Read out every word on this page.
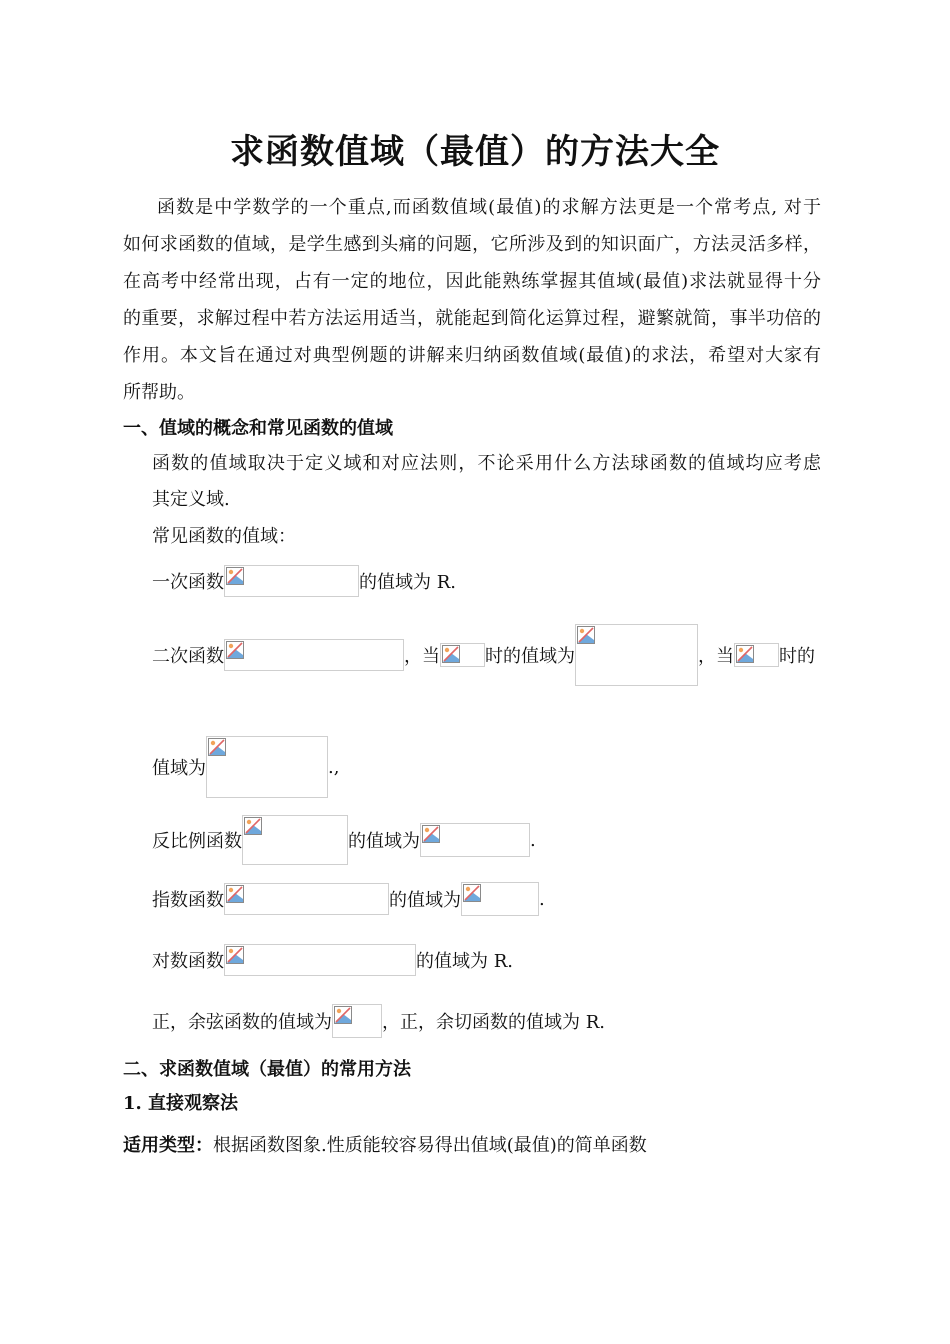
求函数值域（最值）的方法大全
函数是中学数学的一个重点,而函数值域(最值)的求解方法更是一个常考点, 对于
如何求函数的值域，是学生感到头痛的问题，它所涉及到的知识面广，方法灵活多样，
在高考中经常出现，占有一定的地位，因此能熟练掌握其值域(最值)求法就显得十分
的重要，求解过程中若方法运用适当，就能起到简化运算过程，避繁就简，事半功倍的
作用。本文旨在通过对典型例题的讲解来归纳函数值域(最值)的求法，希望对大家有
所帮助。
一、值域的概念和常见函数的值域
函数的值域取决于定义域和对应法则，不论采用什么方法球函数的值域均应考虑
其定义域.
常见函数的值域：
一次函数	的值域为 R.
二次函数	，当	时的值域为	，当	时的
值域为	.,
反比例函数	的值域为	.
指数函数	的值域为	.
对数函数	的值域为 R.
正，余弦函数的值域为	，正，余切函数的值域为 R.
二、求函数值域（最值）的常用方法
1. 直接观察法
适用类型：根据函数图象.性质能较容易得出值域(最值)的简单函数
